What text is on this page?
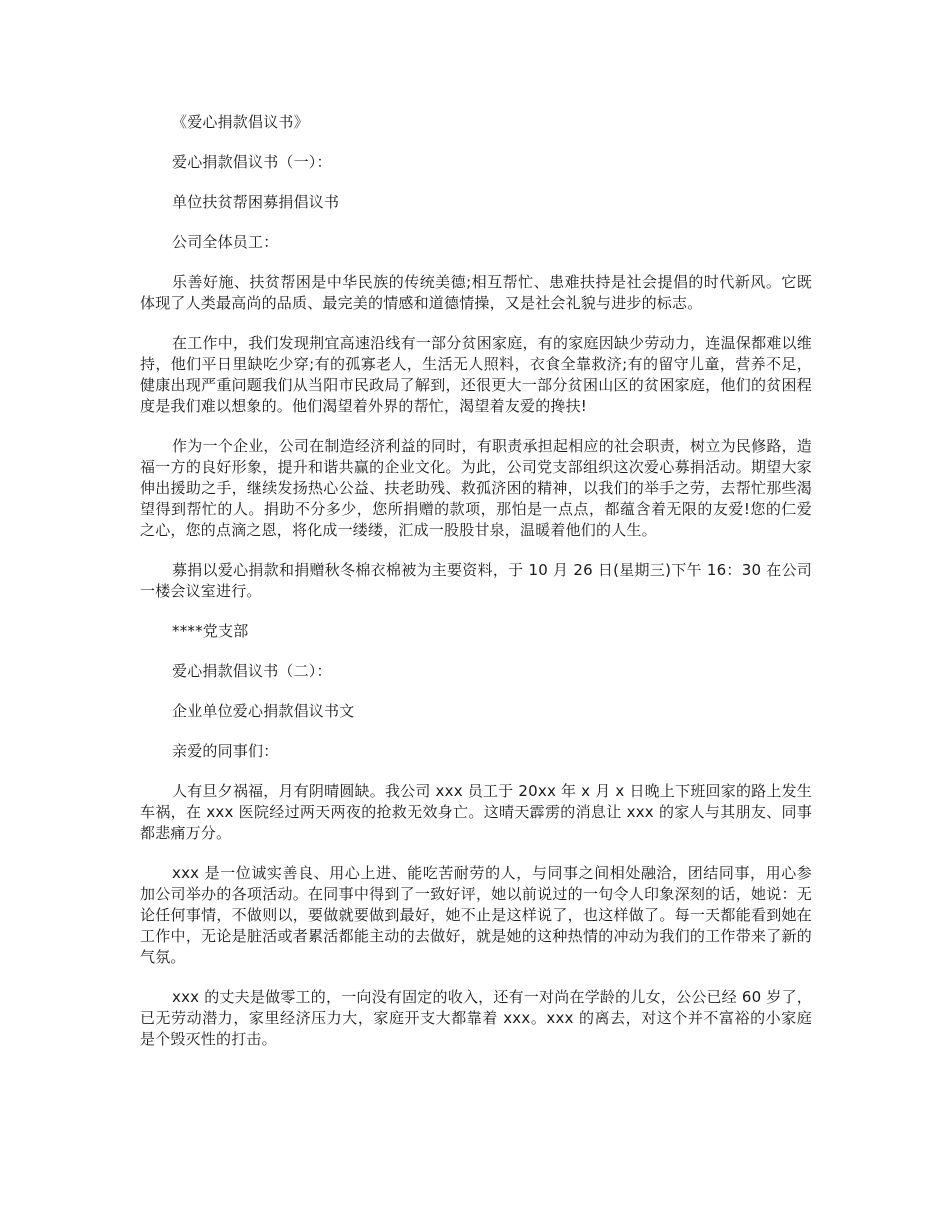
《爱心捐款倡议书》

爱心捐款倡议书（一）：

单位扶贫帮困募捐倡议书

公司全体员工：

乐善好施、扶贫帮困是中华民族的传统美德;相互帮忙、患难扶持是社会提倡的时代新风。它既体现了人类最高尚的品质、最完美的情感和道德情操，又是社会礼貌与进步的标志。

在工作中，我们发现荆宜高速沿线有一部分贫困家庭，有的家庭因缺少劳动力，连温保都难以维持，他们平日里缺吃少穿;有的孤寡老人，生活无人照料，衣食全靠救济;有的留守儿童，营养不足，健康出现严重问题我们从当阳市民政局了解到，还很更大一部分贫困山区的贫困家庭，他们的贫困程度是我们难以想象的。他们渴望着外界的帮忙，渴望着友爱的搀扶!

作为一个企业，公司在制造经济利益的同时，有职责承担起相应的社会职责，树立为民修路，造福一方的良好形象，提升和谐共赢的企业文化。为此，公司党支部组织这次爱心募捐活动。期望大家伸出援助之手，继续发扬热心公益、扶老助残、救孤济困的精神，以我们的举手之劳，去帮忙那些渴望得到帮忙的人。捐助不分多少，您所捐赠的款项，那怕是一点点，都蕴含着无限的友爱!您的仁爱之心，您的点滴之恩，将化成一缕缕，汇成一股股甘泉，温暖着他们的人生。

募捐以爱心捐款和捐赠秋冬棉衣棉被为主要资料，于 10 月 26 日(星期三)下午 16：30 在公司一楼会议室进行。

****党支部

爱心捐款倡议书（二）：

企业单位爱心捐款倡议书文

亲爱的同事们：

人有旦夕祸福，月有阴晴圆缺。我公司 xxx 员工于 20xx 年 x 月 x 日晚上下班回家的路上发生车祸，在 xxx 医院经过两天两夜的抢救无效身亡。这晴天霹雳的消息让 xxx 的家人与其朋友、同事都悲痛万分。

xxx 是一位诚实善良、用心上进、能吃苦耐劳的人，与同事之间相处融洽，团结同事，用心参加公司举办的各项活动。在同事中得到了一致好评，她以前说过的一句令人印象深刻的话，她说：无论任何事情，不做则以，要做就要做到最好，她不止是这样说了，也这样做了。每一天都能看到她在工作中，无论是脏活或者累活都能主动的去做好，就是她的这种热情的冲动为我们的工作带来了新的气氛。

xxx 的丈夫是做零工的，一向没有固定的收入，还有一对尚在学龄的儿女，公公已经 60 岁了，已无劳动潜力，家里经济压力大，家庭开支大都靠着 xxx。xxx 的离去，对这个并不富裕的小家庭是个毁灭性的打击。
